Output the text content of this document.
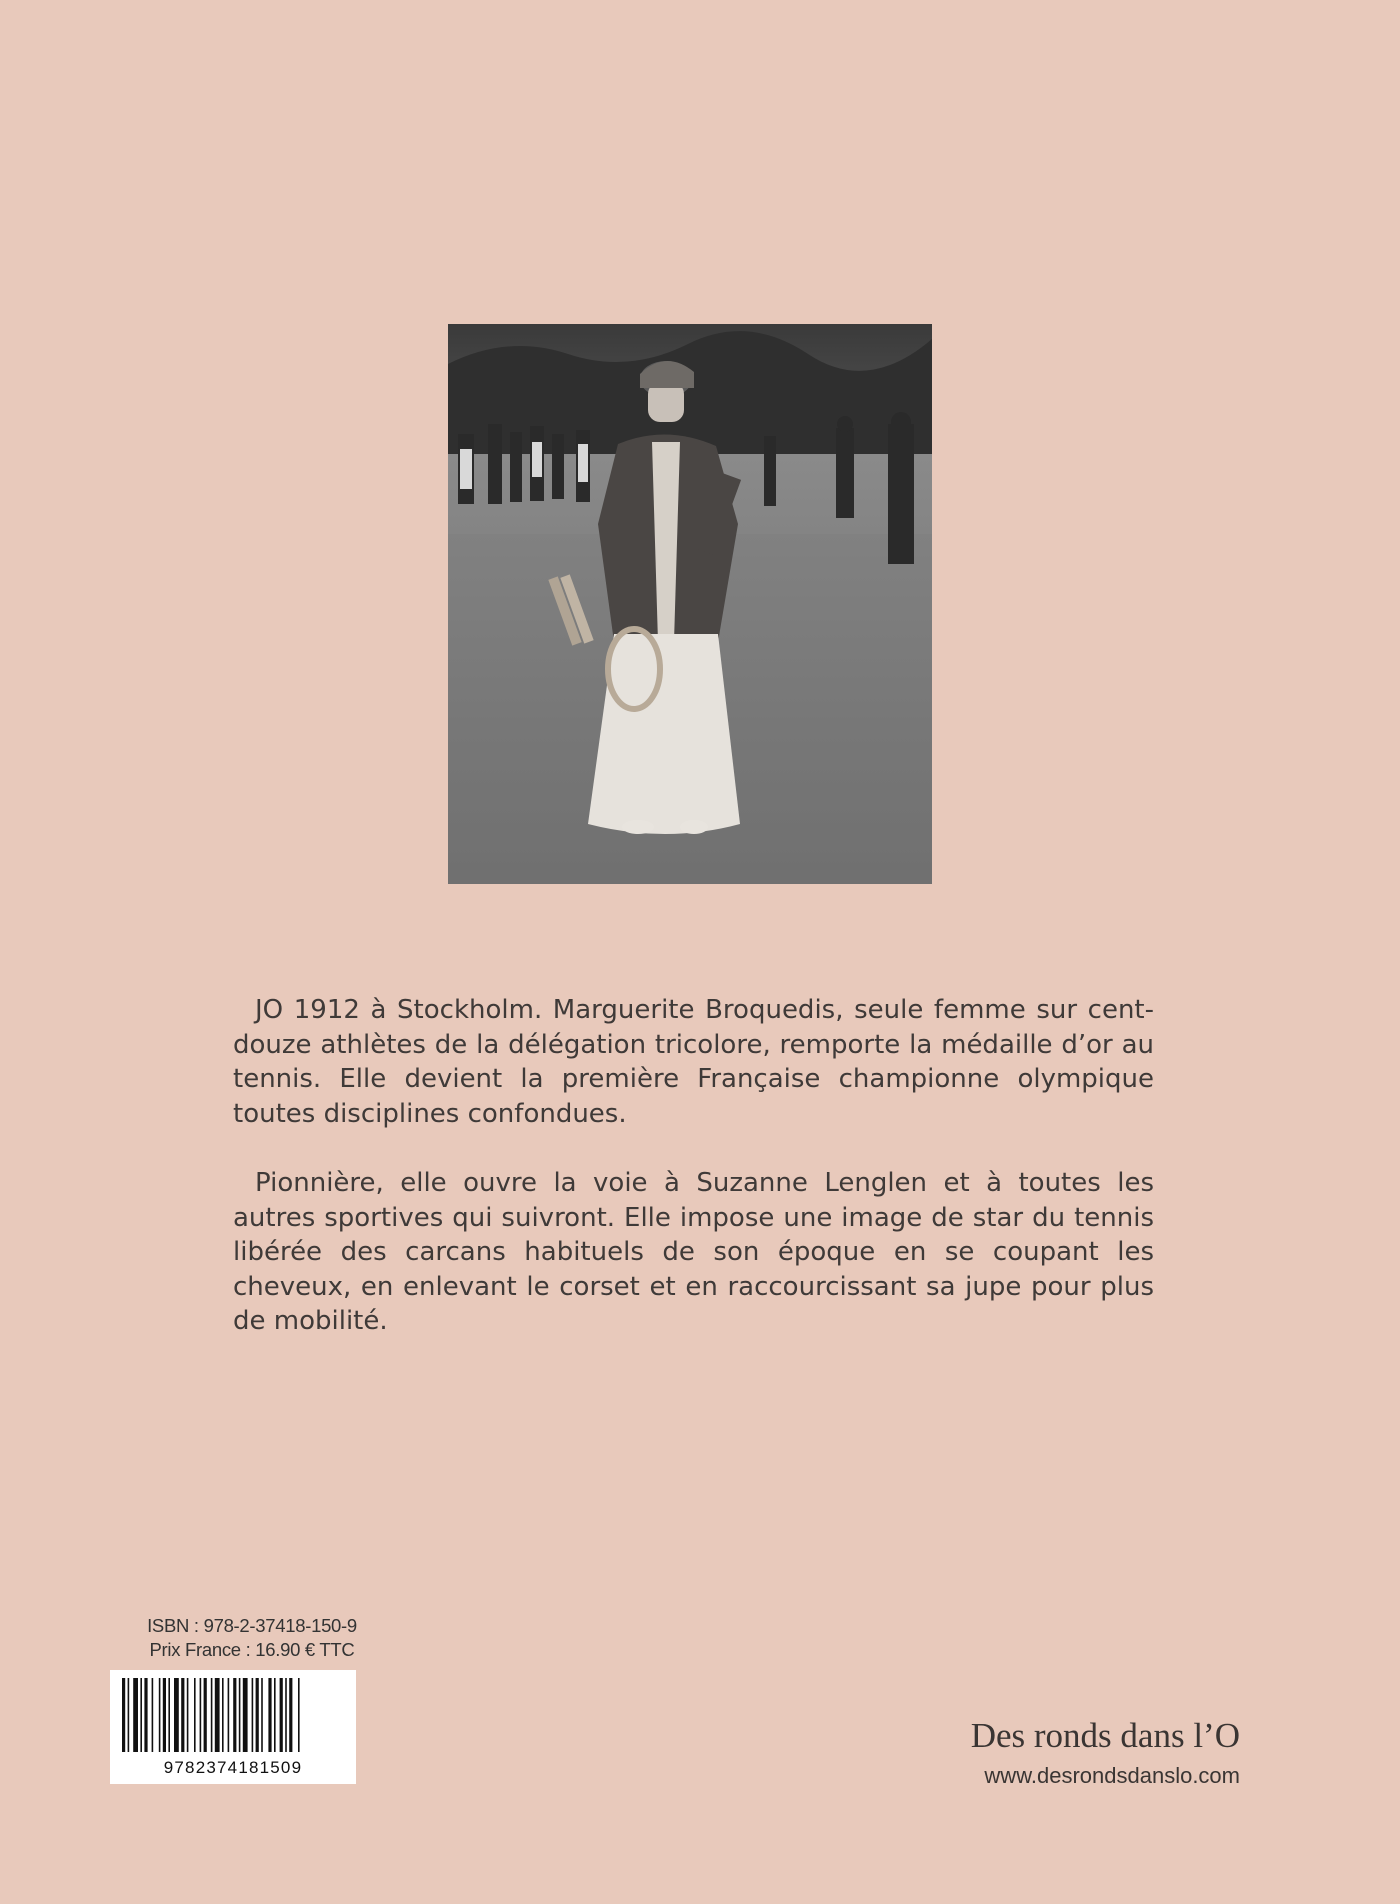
JO 1912 à Stockholm. Marguerite Broquedis, seule femme sur cent-douze athlètes de la délégation tricolore, remporte la médaille d’or au tennis. Elle devient la première Française championne olympique toutes disciplines confondues.

Pionnière, elle ouvre la voie à Suzanne Lenglen et à toutes les autres sportives qui suivront. Elle impose une image de star du tennis libérée des carcans habituels de son époque en se coupant les cheveux, en enlevant le corset et en raccourcissant sa jupe pour plus de mobilité.

ISBN : 978-2-37418-150-9
Prix France : 16.90 € TTC
9782374181509
Des ronds dans l’O
www.desrondsdanslo.com
